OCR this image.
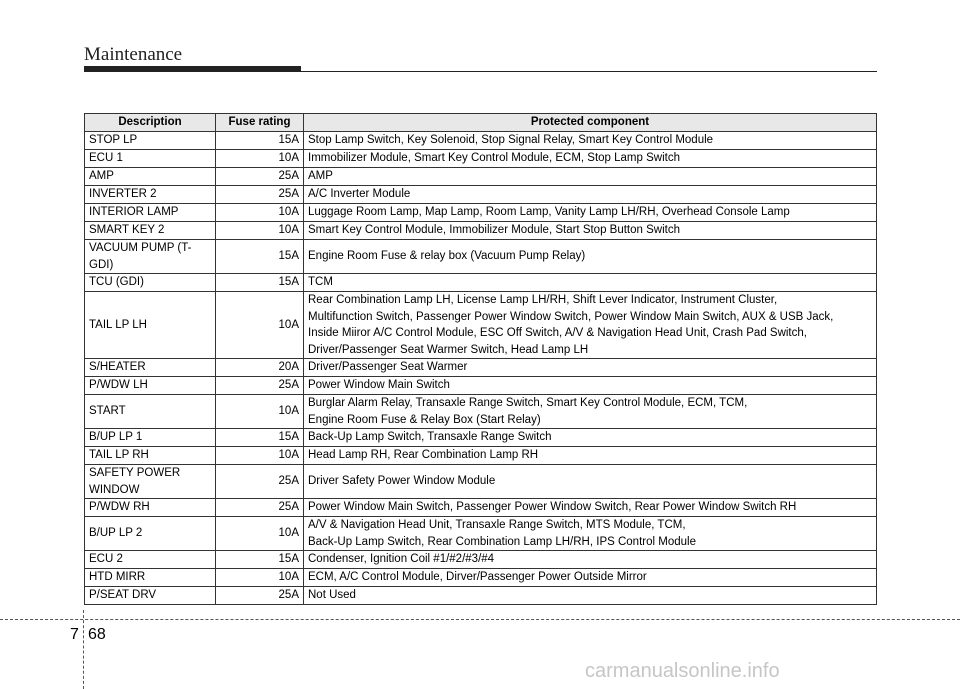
Maintenance
Description	Fuse rating	Protected component
STOP LP	15A	Stop Lamp Switch, Key Solenoid, Stop Signal Relay, Smart Key Control Module
ECU 1	10A	Immobilizer Module, Smart Key Control Module, ECM, Stop Lamp Switch
AMP	25A	AMP
INVERTER 2	25A	A/C Inverter Module
INTERIOR LAMP	10A	Luggage Room Lamp, Map Lamp, Room Lamp, Vanity Lamp LH/RH, Overhead Console Lamp
SMART KEY 2	10A	Smart Key Control Module, Immobilizer Module, Start Stop Button Switch
VACUUM PUMP (T-GDI)	15A	Engine Room Fuse & relay box (Vacuum Pump Relay)
TCU (GDI)	15A	TCM
TAIL LP LH	10A	Rear Combination Lamp LH, License Lamp LH/RH, Shift Lever Indicator, Instrument Cluster,
Multifunction Switch, Passenger Power Window Switch, Power Window Main Switch, AUX & USB Jack,
Inside Miiror A/C Control Module, ESC Off Switch, A/V & Navigation Head Unit, Crash Pad Switch,
Driver/Passenger Seat Warmer Switch, Head Lamp LH
S/HEATER	20A	Driver/Passenger Seat Warmer
P/WDW LH	25A	Power Window Main Switch
START	10A	Burglar Alarm Relay, Transaxle Range Switch, Smart Key Control Module, ECM, TCM,
Engine Room Fuse & Relay Box (Start Relay)
B/UP LP 1	15A	Back-Up Lamp Switch, Transaxle Range Switch
TAIL LP RH	10A	Head Lamp RH, Rear Combination Lamp RH
SAFETY POWER
WINDOW	25A	Driver Safety Power Window Module
P/WDW RH	25A	Power Window Main Switch, Passenger Power Window Switch, Rear Power Window Switch RH
B/UP LP 2	10A	A/V & Navigation Head Unit, Transaxle Range Switch, MTS Module, TCM,
Back-Up Lamp Switch, Rear Combination Lamp LH/RH, IPS Control Module
ECU 2	15A	Condenser, Ignition Coil #1/#2/#3/#4
HTD MIRR	10A	ECM, A/C Control Module, Dirver/Passenger Power Outside Mirror
P/SEAT DRV	25A	Not Used
7 68
carmanualsonline.info
